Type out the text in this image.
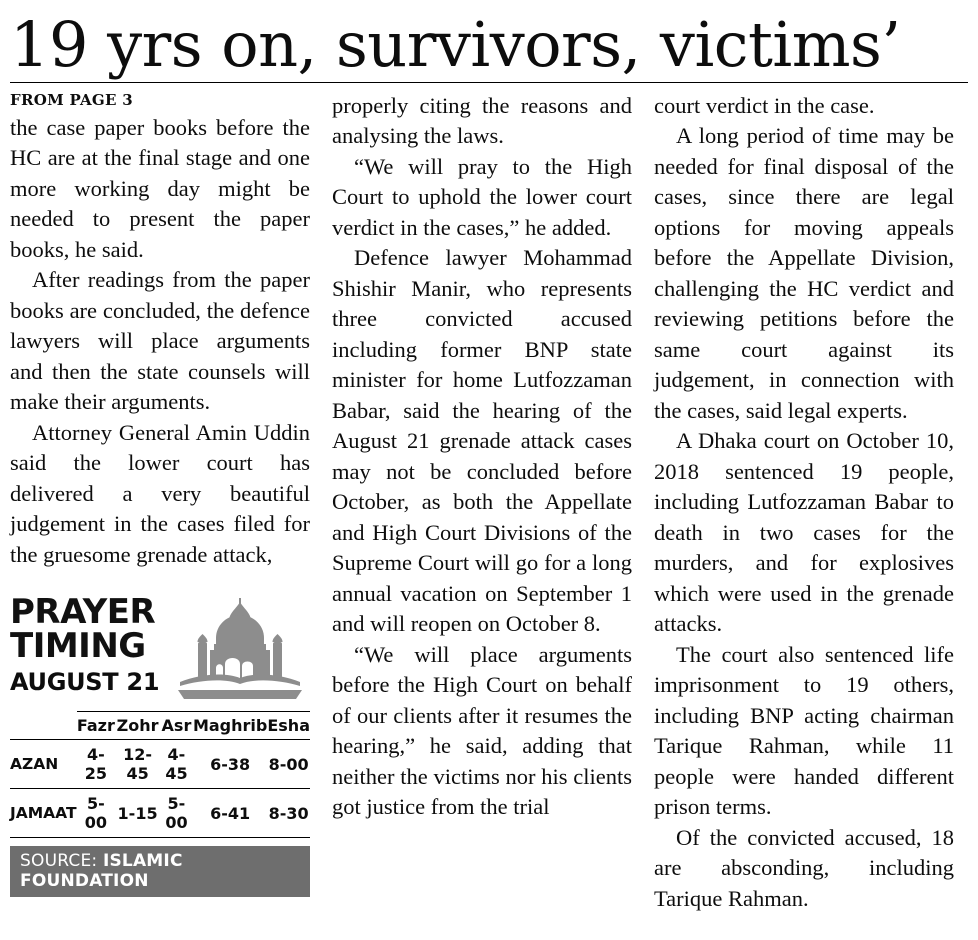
19 yrs on, survivors, victims’
FROM PAGE 3

the case paper books before the HC are at the final stage and one more working day might be needed to present the paper books, he said.

After readings from the paper books are concluded, the defence lawyers will place arguments and then the state counsels will make their arguments.

Attorney General Amin Uddin said the lower court has delivered a very beautiful judgement in the cases filed for the gruesome grenade attack,

PRAYER
TIMING
AUGUST 21
	Fazr	Zohr	Asr	Maghrib	Esha
AZAN	4-25	12-45	4-45	6-38	8-00
JAMAAT	5-00	1-15	5-00	6-41	8-30
SOURCE: ISLAMIC FOUNDATION

properly citing the reasons and analysing the laws.

“We will pray to the High Court to uphold the lower court verdict in the cases,” he added.

Defence lawyer Mohammad Shishir Manir, who represents three convicted accused including former BNP state minister for home Lutfozzaman Babar, said the hearing of the August 21 grenade attack cases may not be concluded before October, as both the Appellate and High Court Divisions of the Supreme Court will go for a long annual vacation on September 1 and will reopen on October 8.

“We will place arguments before the High Court on behalf of our clients after it resumes the hearing,” he said, adding that neither the victims nor his clients got justice from the trial

court verdict in the case.

A long period of time may be needed for final disposal of the cases, since there are legal options for moving appeals before the Appellate Division, challenging the HC verdict and reviewing petitions before the same court against its judgement, in connection with the cases, said legal experts.

A Dhaka court on October 10, 2018 sentenced 19 people, including Lutfozzaman Babar to death in two cases for the murders, and for explosives which were used in the grenade attacks.

The court also sentenced life imprisonment to 19 others, including BNP acting chairman Tarique Rahman, while 11 people were handed different prison terms.

Of the convicted accused, 18 are absconding, including Tarique Rahman.
